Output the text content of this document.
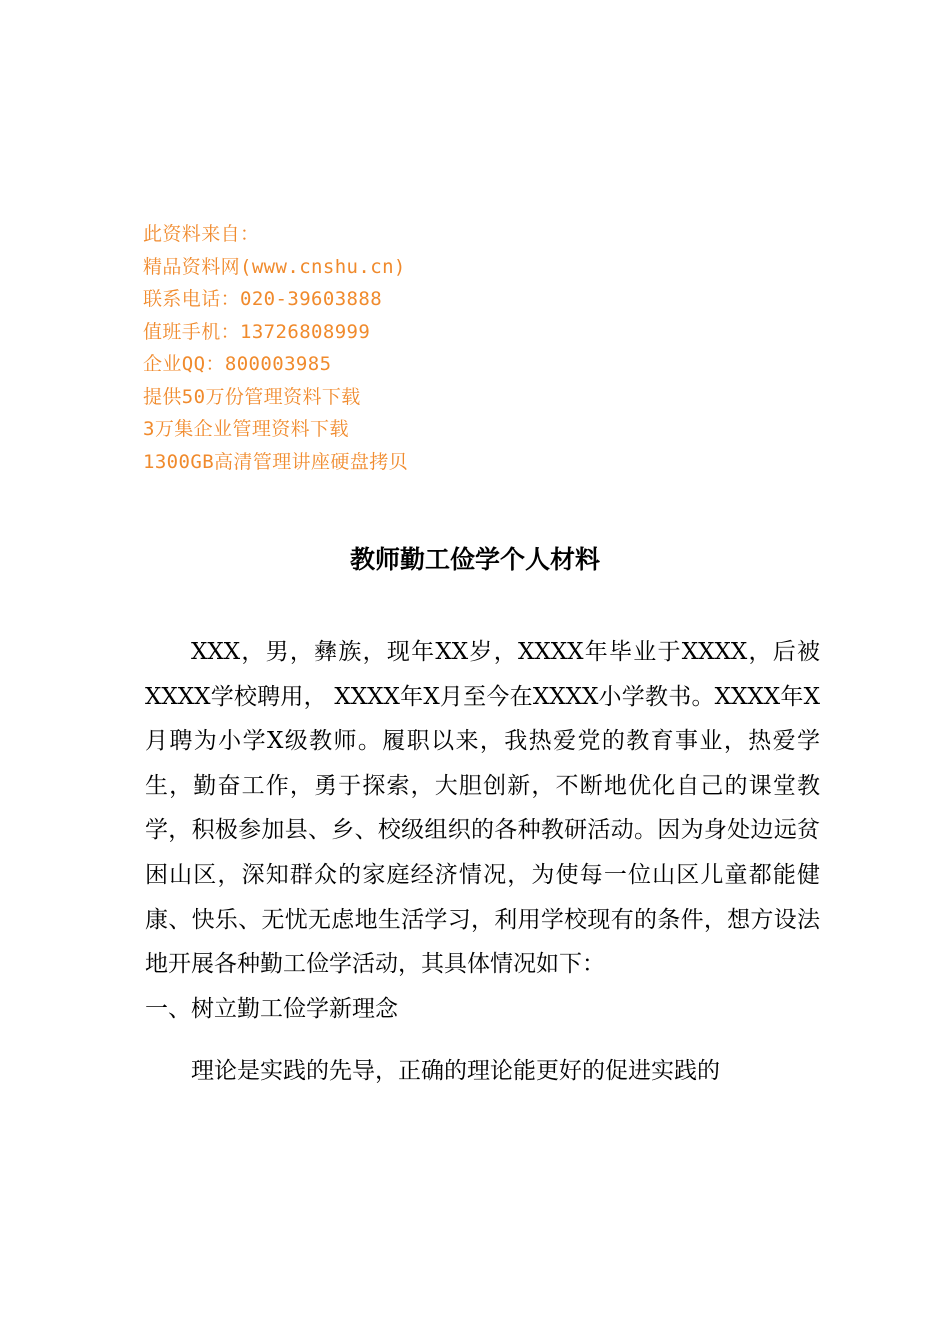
此资料来自：
精品资料网(www.cnshu.cn)
联系电话：020-39603888
值班手机：13726808999
企业QQ：800003985
提供50万份管理资料下载
3万集企业管理资料下载
1300GB高清管理讲座硬盘拷贝
教师勤工俭学个人材料

XXX，男，彝族，现年XX岁，XXXX年毕业于XXXX，后被XXXX学校聘用， XXXX年X月至今在XXXX小学教书。XXXX年X月聘为小学X级教师。履职以来，我热爱党的教育事业，热爱学生，勤奋工作，勇于探索，大胆创新，不断地优化自己的课堂教学，积极参加县、乡、校级组织的各种教研活动。因为身处边远贫困山区，深知群众的家庭经济情况，为使每一位山区儿童都能健康、快乐、无忧无虑地生活学习，利用学校现有的条件，想方设法地开展各种勤工俭学活动，其具体情况如下：

一、树立勤工俭学新理念

理论是实践的先导，正确的理论能更好的促进实践的
